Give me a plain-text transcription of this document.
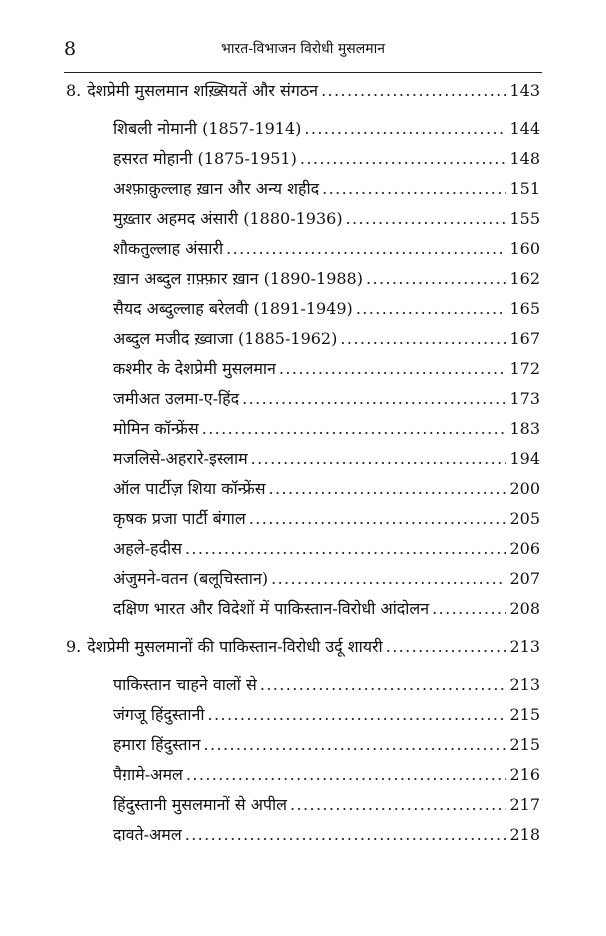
8	भारत-विभाजन विरोधी मुसलमान
8. देशप्रेमी मुसलमान शख़्सियतें और संगठन .....	143
शिबली नोमानी (1857-1914) .....	144
हसरत मोहानी (1875-1951) .....	148
अश्फ़ाक़ुल्लाह ख़ान और अन्य शहीद .....	151
मुख़्तार अहमद अंसारी (1880-1936) .....	155
शौकतुल्लाह अंसारी .....	160
ख़ान अब्दुल ग़फ़्फ़ार ख़ान (1890-1988) .....	162
सैयद अब्दुल्लाह बरेलवी (1891-1949) .....	165
अब्दुल मजीद ख़्वाजा (1885-1962) .....	167
कश्मीर के देशप्रेमी मुसलमान .....	172
जमीअत उलमा-ए-हिंद .....	173
मोमिन कॉन्फ्रेंस .....	183
मजलिसे-अहरारे-इस्लाम .....	194
ऑल पार्टीज़ शिया कॉन्फ्रेंस .....	200
कृषक प्रजा पार्टी बंगाल .....	205
अहले-हदीस .....	206
अंजुमने-वतन (बलूचिस्तान) .....	207
दक्षिण भारत और विदेशों में पाकिस्तान-विरोधी आंदोलन .....	208
9. देशप्रेमी मुसलमानों की पाकिस्तान-विरोधी उर्दू शायरी .....	213
पाकिस्तान चाहने वालों से .....	213
जंगजू हिंदुस्तानी .....	215
हमारा हिंदुस्तान .....	215
पैग़ामे-अमल .....	216
हिंदुस्तानी मुसलमानों से अपील .....	217
दावते-अमल .....	218
